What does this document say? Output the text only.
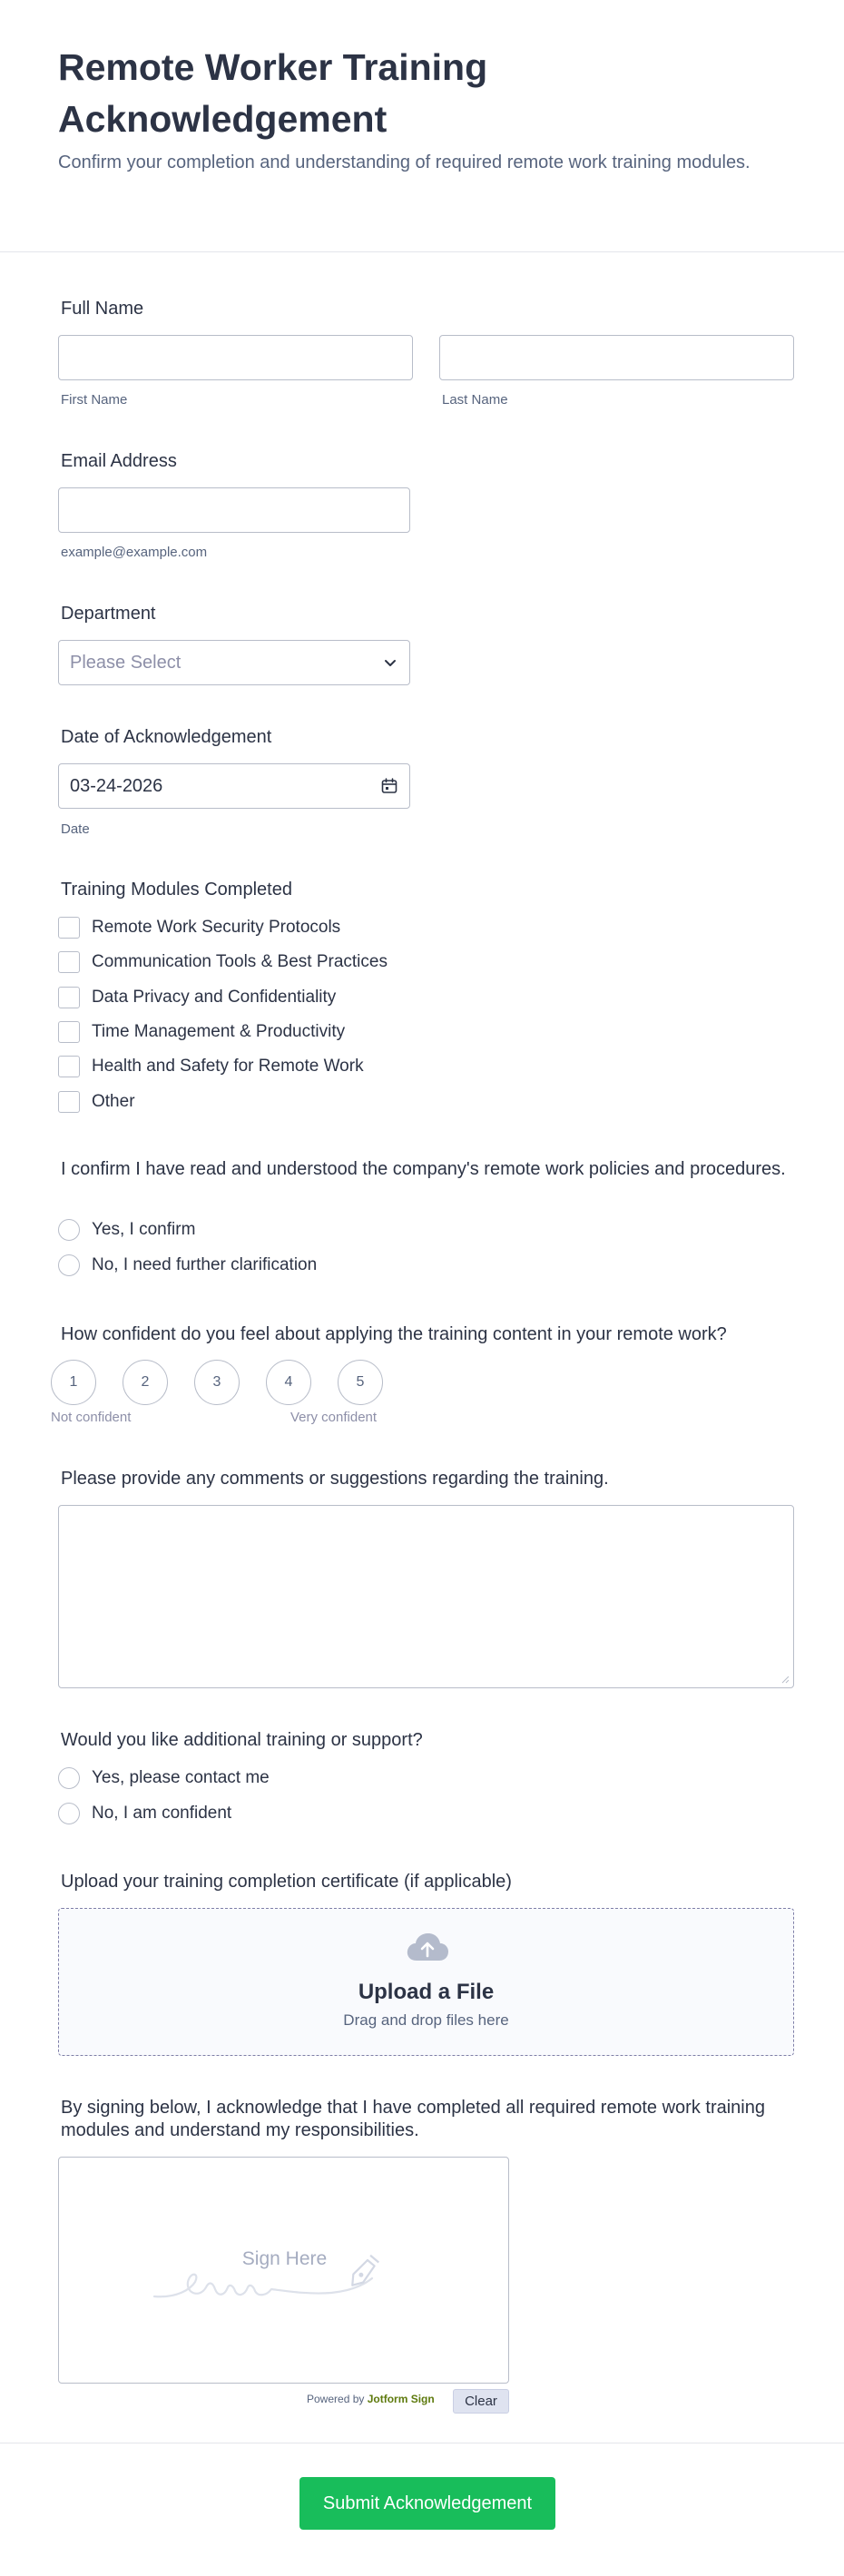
Remote Worker Training Acknowledgement

Confirm your completion and understanding of required remote work training modules.

Full Name
First Name	Last Name
Email Address
example@example.com
Department
Please Select
Date of Acknowledgement
03-24-2026
Date
Training Modules Completed
Remote Work Security Protocols
Communication Tools & Best Practices
Data Privacy and Confidentiality
Time Management & Productivity
Health and Safety for Remote Work
Other
I confirm I have read and understood the company's remote work policies and procedures.
Yes, I confirm
No, I need further clarification
How confident do you feel about applying the training content in your remote work?
1	2	3	4	5
Not confident	Very confident
Please provide any comments or suggestions regarding the training.
Would you like additional training or support?
Yes, please contact me
No, I am confident
Upload your training completion certificate (if applicable)
Upload a File
Drag and drop files here
By signing below, I acknowledge that I have completed all required remote work training modules and understand my responsibilities.
Sign Here
Powered by Jotform Sign	Clear
Submit Acknowledgement
